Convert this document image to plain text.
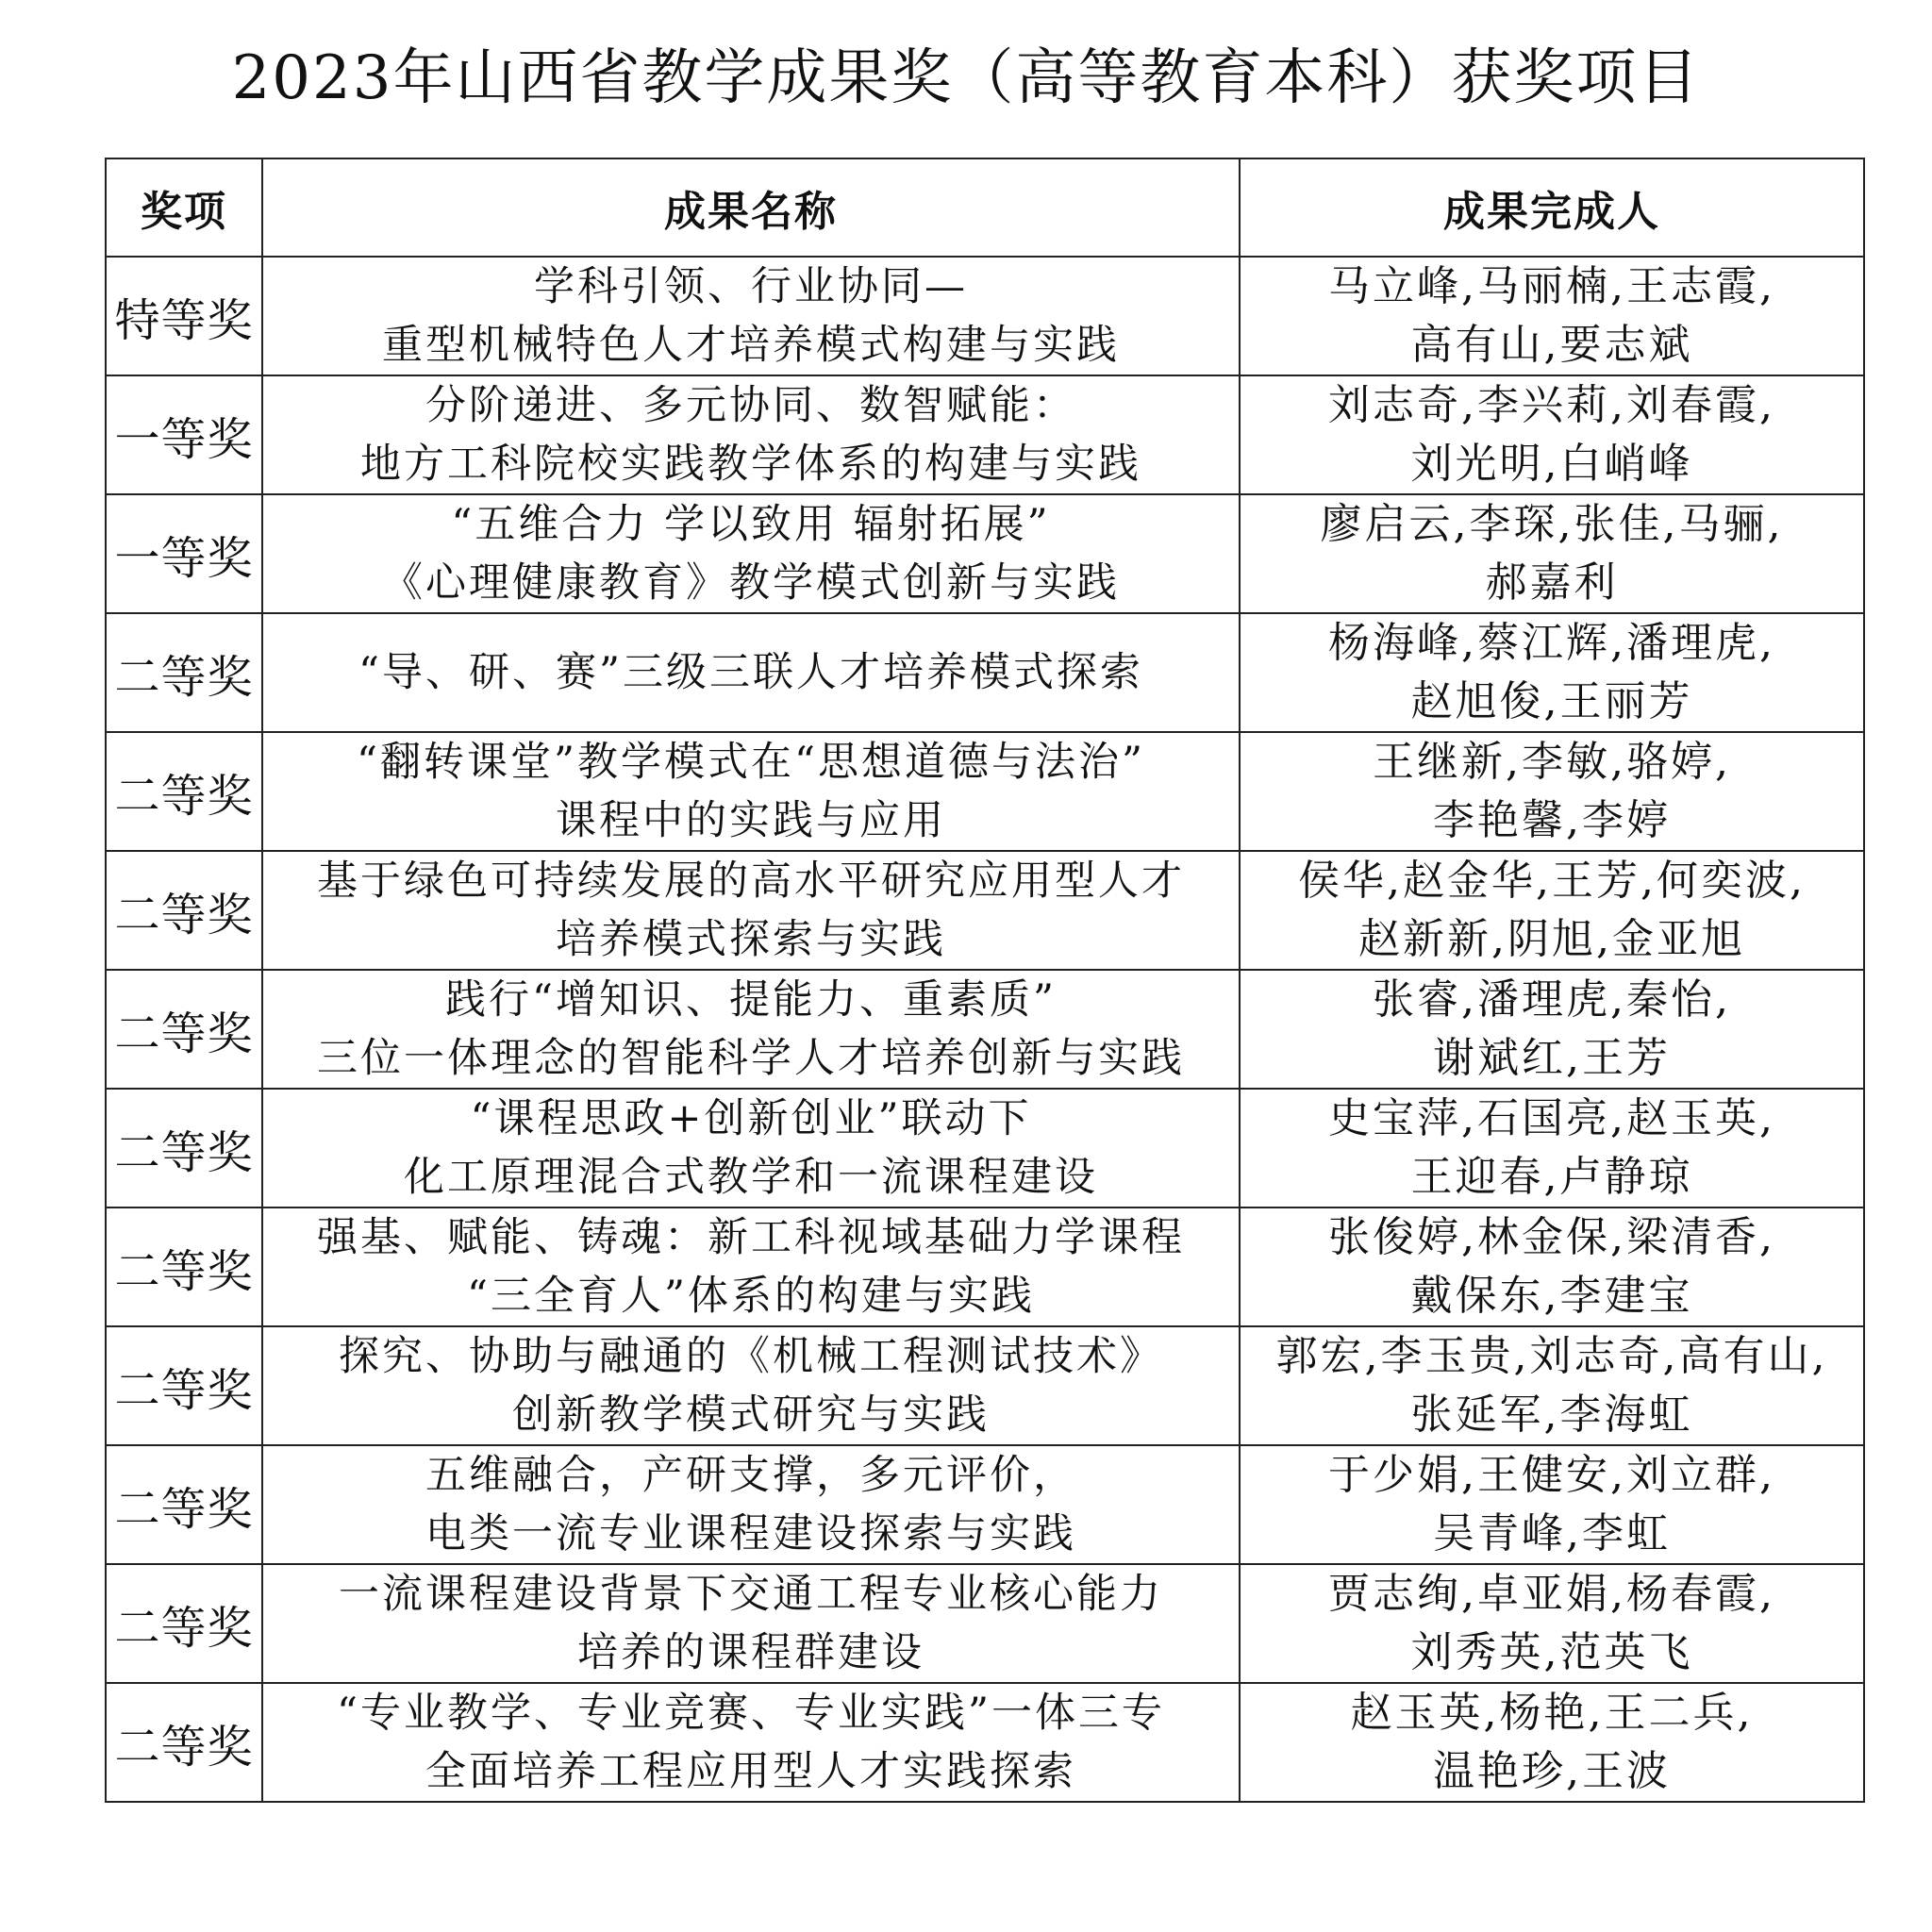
2023年山西省教学成果奖（高等教育本科）获奖项目
奖项	成果名称	成果完成人
特等奖	学科引领、行业协同—
重型机械特色人才培养模式构建与实践	马立峰,马丽楠,王志霞,
高有山,要志斌

一等奖	分阶递进、多元协同、数智赋能：
地方工科院校实践教学体系的构建与实践	刘志奇,李兴莉,刘春霞,
刘光明,白峭峰

一等奖	“五维合力 学以致用 辐射拓展”
《心理健康教育》教学模式创新与实践	廖启云,李琛,张佳,马骊,
郝嘉利

二等奖	“导、研、赛”三级三联人才培养模式探索	杨海峰,蔡江辉,潘理虎,
赵旭俊,王丽芳

二等奖	“翻转课堂”教学模式在“思想道德与法治”
课程中的实践与应用	王继新,李敏,骆婷,
李艳馨,李婷

二等奖	基于绿色可持续发展的高水平研究应用型人才
培养模式探索与实践	侯华,赵金华,王芳,何奕波,
赵新新,阴旭,金亚旭

二等奖	践行“增知识、提能力、重素质”
三位一体理念的智能科学人才培养创新与实践	张睿,潘理虎,秦怡,
谢斌红,王芳

二等奖	“课程思政+创新创业”联动下
化工原理混合式教学和一流课程建设	史宝萍,石国亮,赵玉英,
王迎春,卢静琼

二等奖	强基、赋能、铸魂：新工科视域基础力学课程
“三全育人”体系的构建与实践	张俊婷,林金保,梁清香,
戴保东,李建宝

二等奖	探究、协助与融通的《机械工程测试技术》
创新教学模式研究与实践	郭宏,李玉贵,刘志奇,高有山,
张延军,李海虹

二等奖	五维融合，产研支撑，多元评价，
电类一流专业课程建设探索与实践	于少娟,王健安,刘立群,
吴青峰,李虹

二等奖	一流课程建设背景下交通工程专业核心能力
培养的课程群建设	贾志绚,卓亚娟,杨春霞,
刘秀英,范英飞

二等奖	“专业教学、专业竞赛、专业实践”一体三专
全面培养工程应用型人才实践探索	赵玉英,杨艳,王二兵,
温艳珍,王波
